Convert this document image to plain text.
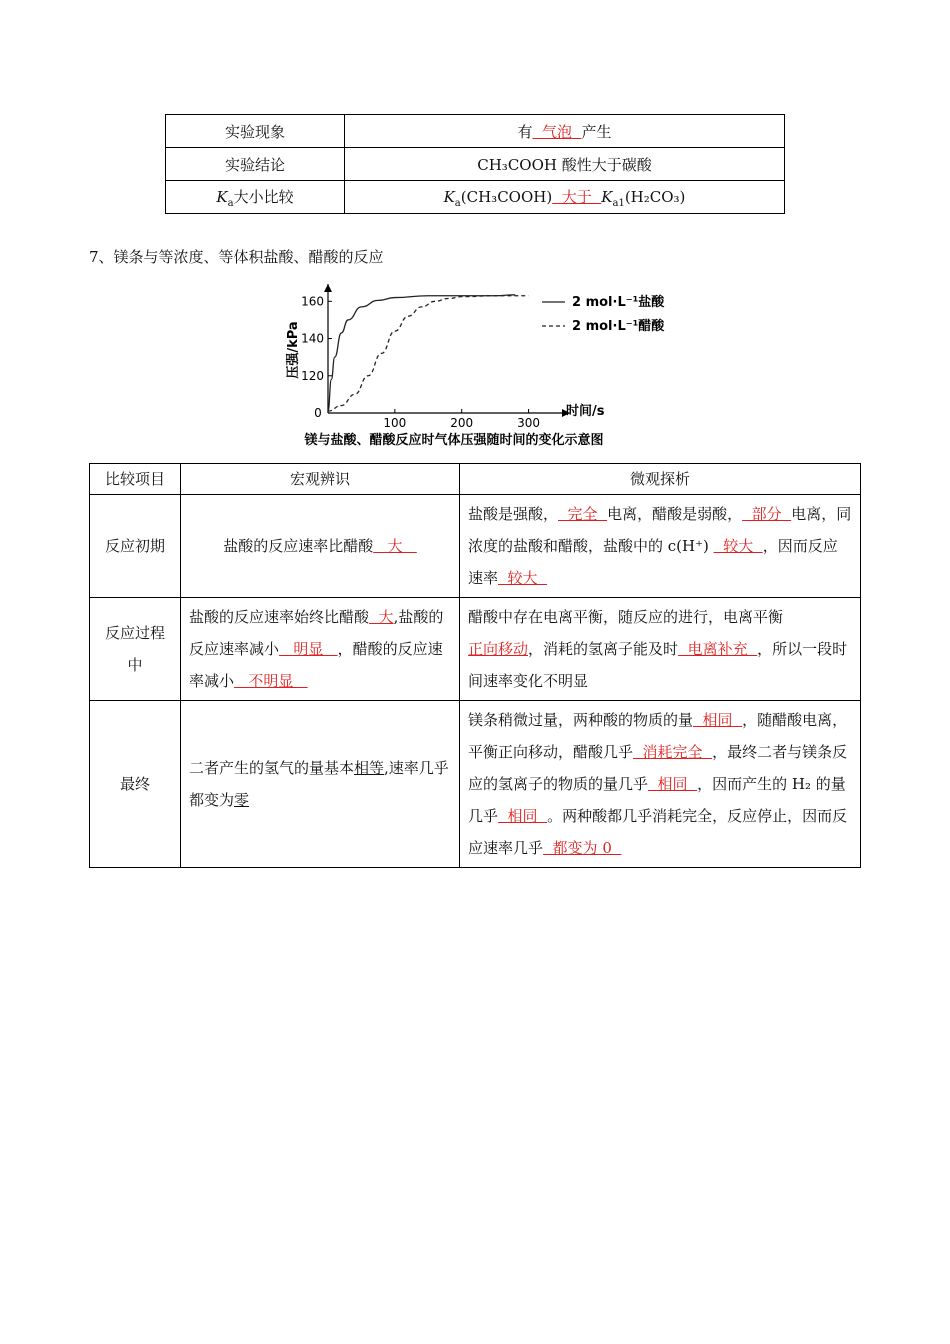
实验现象	有  气泡  产生
实验结论	CH₃COOH 酸性大于碳酸
$K_a$大小比较	$K_a(CH_3COOH)$  大于  $K_{a1}(H_2CO_3)$
7、镁条与等浓度、等体积盐酸、醋酸的反应
0
100	200	300
120
140
160	2 mol·L⁻¹盐酸
2 mol·L⁻¹醋酸
压强/kPa
时间/s
镁与盐酸、醋酸反应时气体压强随时间的变化示意图
比较项目	宏观辨识	微观探析
反应初期	盐酸的反应速率比醋酸   大	盐酸是强酸，  完全  电离，醋酸是弱酸，  部分  电离，同浓度的盐酸和醋酸，盐酸中的 c(H⁺)   较大  ，因而反应速率  较大
反应过程中	盐酸的反应速率始终比醋酸  大,盐酸的反应速率减小   明显   ，醋酸的反应速率减小   不明显	醋酸中存在电离平衡，随反应的进行，电离平衡正向移动，消耗的氢离子能及时  电离补充  ，所以一段时间速率变化不明显
最终	二者产生的氢气的量基本相等,速率几乎都变为零	镁条稍微过量，两种酸的物质的量  相同  ，随醋酸电离，平衡正向移动，醋酸几乎  消耗完全  ，最终二者与镁条反应的氢离子的物质的量几乎  相同  ，因而产生的 H₂ 的量几乎  相同  。两种酸都几乎消耗完全，反应停止，因而反应速率几乎  都变为 0
